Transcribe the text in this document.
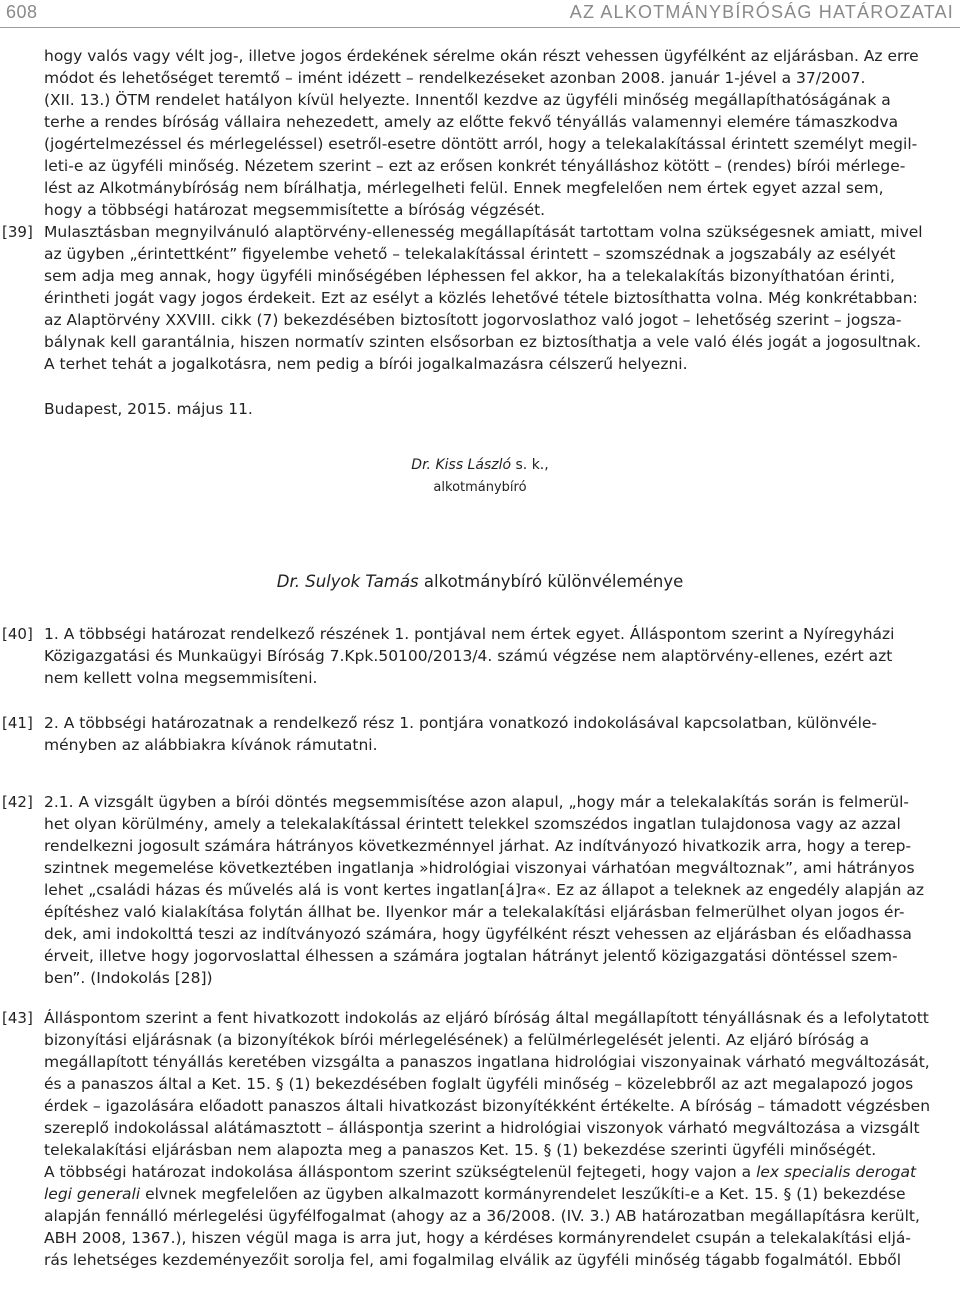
608	AZ ALKOTMÁNYBÍRÓSÁG HATÁROZATAI
hogy valós vagy vélt jog-, illetve jogos érdekének sérelme okán részt vehessen ügyfélként az eljárásban. Az erre
módot és lehetőséget teremtő – imént idézett – rendelkezéseket azonban 2008. január 1-jével a 37/2007.
(XII. 13.) ÖTM rendelet hatályon kívül helyezte. Innentől kezdve az ügyféli minőség megállapíthatóságának a
terhe a rendes bíróság vállaira nehezedett, amely az előtte fekvő tényállás valamennyi elemére támaszkodva
(jogértelmezéssel és mérlegeléssel) esetről-esetre döntött arról, hogy a telekalakítással érintett személyt megil-
leti-e az ügyféli minőség. Nézetem szerint – ezt az erősen konkrét tényálláshoz kötött – (rendes) bírói mérlege-
lést az Alkotmánybíróság nem bírálhatja, mérlegelheti felül. Ennek megfelelően nem értek egyet azzal sem,
hogy a többségi határozat megsemmisítette a bíróság végzését.
[39] Mulasztásban megnyilvánuló alaptörvény-ellenesség megállapítását tartottam volna szükségesnek amiatt, mivel
az ügyben „érintettként” figyelembe vehető – telekalakítással érintett – szomszédnak a jogszabály az esélyét
sem adja meg annak, hogy ügyféli minőségében léphessen fel akkor, ha a telekalakítás bizonyíthatóan érinti,
érintheti jogát vagy jogos érdekeit. Ezt az esélyt a közlés lehetővé tétele biztosíthatta volna. Még konkrétabban:
az Alaptörvény XXVIII. cikk (7) bekezdésében biztosított jogorvoslathoz való jogot – lehetőség szerint – jogsza-
bálynak kell garantálnia, hiszen normatív szinten elsősorban ez biztosíthatja a vele való élés jogát a jogosultnak.
A terhet tehát a jogalkotásra, nem pedig a bírói jogalkalmazásra célszerű helyezni.
Budapest, 2015. május 11.
Dr. Kiss László s. k.,
alkotmánybíró
Dr. Sulyok Tamás alkotmánybíró különvéleménye
[40] 1. A többségi határozat rendelkező részének 1. pontjával nem értek egyet. Álláspontom szerint a Nyíregyházi
Közigazgatási és Munkaügyi Bíróság 7.Kpk.50100/2013/4. számú végzése nem alaptörvény-ellenes, ezért azt
nem kellett volna megsemmisíteni.
[41] 2. A többségi határozatnak a rendelkező rész 1. pontjára vonatkozó indokolásával kapcsolatban, különvéle-
ményben az alábbiakra kívánok rámutatni.
[42] 2.1. A vizsgált ügyben a bírói döntés megsemmisítése azon alapul, „hogy már a telekalakítás során is felmerül-
het olyan körülmény, amely a telekalakítással érintett telekkel szomszédos ingatlan tulajdonosa vagy az azzal
rendelkezni jogosult számára hátrányos következménnyel járhat. Az indítványozó hivatkozik arra, hogy a terep-
szintnek megemelése következtében ingatlanja »hidrológiai viszonyai várhatóan megváltoznak”, ami hátrányos
lehet „családi házas és művelés alá is vont kertes ingatlan[á]ra«. Ez az állapot a teleknek az engedély alapján az
építéshez való kialakítása folytán állhat be. Ilyenkor már a telekalakítási eljárásban felmerülhet olyan jogos ér-
dek, ami indokolttá teszi az indítványozó számára, hogy ügyfélként részt vehessen az eljárásban és előadhassa
érveit, illetve hogy jogorvoslattal élhessen a számára jogtalan hátrányt jelentő közigazgatási döntéssel szem-
ben”. (Indokolás [28])
[43] Álláspontom szerint a fent hivatkozott indokolás az eljáró bíróság által megállapított tényállásnak és a lefolytatott
bizonyítási eljárásnak (a bizonyítékok bírói mérlegelésének) a felülmérlegelését jelenti. Az eljáró bíróság a
megállapított tényállás keretében vizsgálta a panaszos ingatlana hidrológiai viszonyainak várható megváltozását,
és a panaszos által a Ket. 15. § (1) bekezdésében foglalt ügyféli minőség – közelebbről az azt megalapozó jogos
érdek – igazolására előadott panaszos általi hivatkozást bizonyítékként értékelte. A bíróság – támadott végzésben
szereplő indokolással alátámasztott – álláspontja szerint a hidrológiai viszonyok várható megváltozása a vizsgált
telekalakítási eljárásban nem alapozta meg a panaszos Ket. 15. § (1) bekezdése szerinti ügyféli minőségét.
A többségi határozat indokolása álláspontom szerint szükségtelenül fejtegeti, hogy vajon a lex specialis derogat
legi generali elvnek megfelelően az ügyben alkalmazott kormányrendelet leszűkíti-e a Ket. 15. § (1) bekezdése
alapján fennálló mérlegelési ügyfélfogalmat (ahogy az a 36/2008. (IV. 3.) AB határozatban megállapításra került,
ABH 2008, 1367.), hiszen végül maga is arra jut, hogy a kérdéses kormányrendelet csupán a telekalakítási eljá-
rás lehetséges kezdeményezőit sorolja fel, ami fogalmilag elválik az ügyféli minőség tágabb fogalmától. Ebből
